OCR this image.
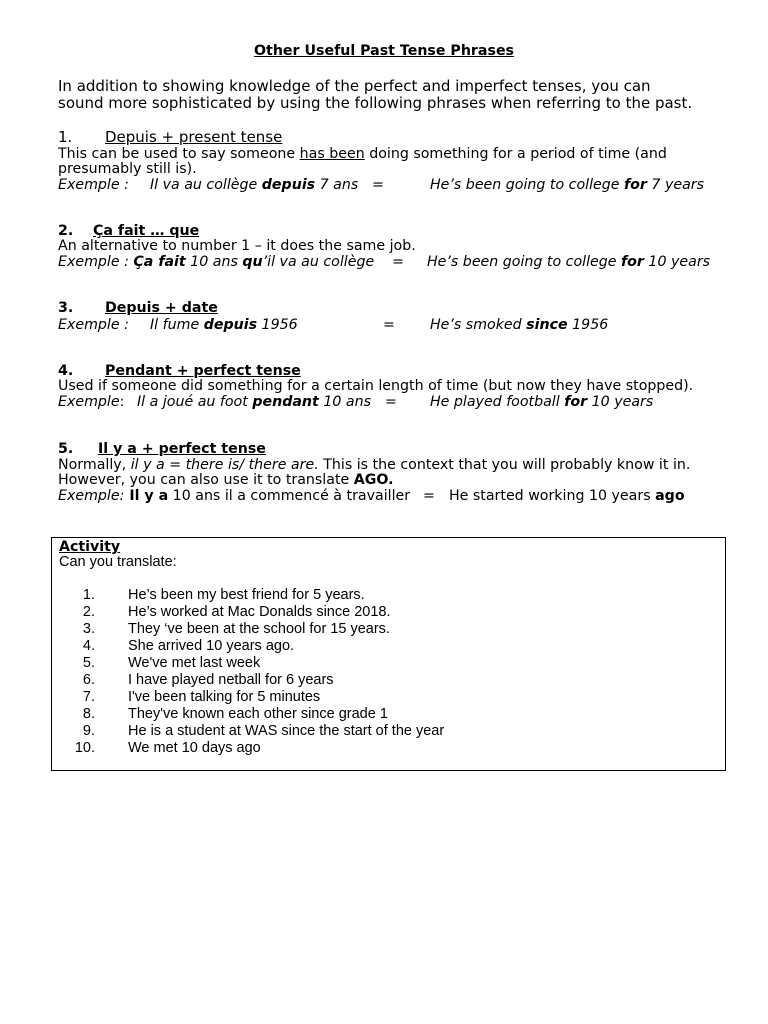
Other Useful Past Tense Phrases
In addition to showing knowledge of the perfect and imperfect tenses, you can
sound more sophisticated by using the following phrases when referring to the past.
1. Depuis + present tense
This can be used to say someone has been doing something for a period of time (and
presumably still is).
Exemple : Il va au collège depuis 7 ans =	He’s been going to college for 7 years
2. Ça fait … que
An alternative to number 1 – it does the same job.
Exemple : Ça fait 10 ans qu’il va au collège = He’s been going to college for 10 years
3. Depuis + date
Exemple : Il fume depuis 1956	= He’s smoked since 1956
4. Pendant + perfect tense
Used if someone did something for a certain length of time (but now they have stopped).
Exemple: Il a joué au foot pendant 10 ans = He played football for 10 years
5. Il y a + perfect tense
Normally, il y a = there is/ there are. This is the context that you will probably know it in.
However, you can also use it to translate AGO.
Exemple: Il y a 10 ans il a commencé à travailler = He started working 10 years ago
Activity
Can you translate:
1. He’s been my best friend for 5 years.
2. He’s worked at Mac Donalds since 2018.
3. They ‘ve been at the school for 15 years.
4. She arrived 10 years ago.
5. We've met last week
6. I have played netball for 6 years
7. I've been talking for 5 minutes
8. They've known each other since grade 1
9. He is a student at WAS since the start of the year
10. We met 10 days ago
